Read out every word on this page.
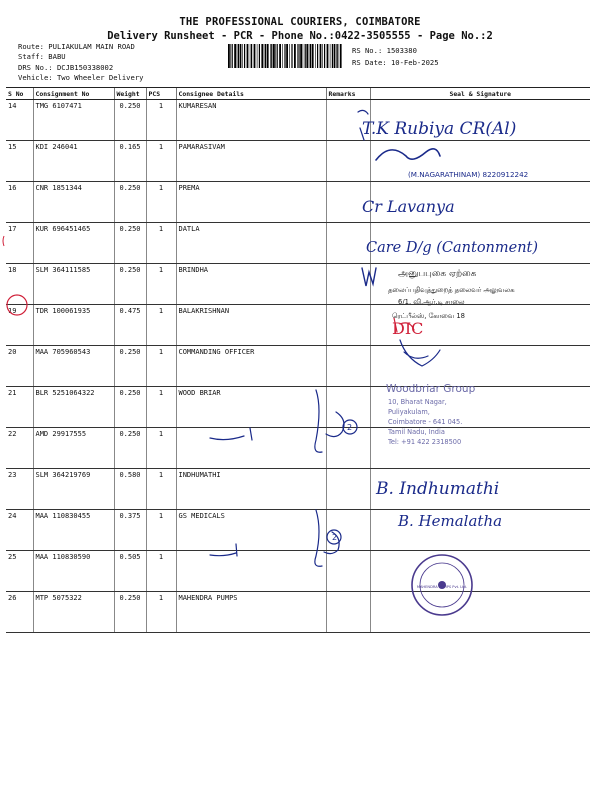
THE PROFESSIONAL COURIERS, COIMBATORE
Delivery Runsheet - PCR - Phone No.:0422-3505555 - Page No.:2
Route: PULIAKULAM MAIN ROAD
Staff: BABU
DRS No.: DCJB150338002
Vehicle: Two Wheeler Delivery
RS No.: 1503380
RS Date: 10-Feb-2025
S No	Consignment No	Weight	PCS	Consignee Details	Remarks	Seal & Signature
14	TMG 6107471	0.250	1	KUMARESAN		
15	KDI 246041	0.165	1	PAMARASIVAM		
16	CNR 1851344	0.250	1	PREMA		
17	KUR 696451465	0.250	1	DATLA		
18	SLM 364111585	0.250	1	BRINDHA		
19	TDR 100061935	0.475	1	BALAKRISHNAN		
20	MAA 705960543	0.250	1	COMMANDING OFFICER		
21	BLR 5251064322	0.250	1	WOOD BRIAR		
22	AMD 29917555	0.250	1			
23	SLM 364219769	0.580	1	INDHUMATHI		
24	MAA 110830455	0.375	1	GS MEDICALS		
25	MAA 110830590	0.505	1			
26	MTP 5075322	0.250	1	MAHENDRA PUMPS		
T.K Rubiya CR(Al)
(M.NAGARATHINAM) 8220912242
Cr Lavanya
Care D/g (Cantonment)
DIC
2
2
B. Indhumathi
B. Hemalatha
அனுபபுகை ஏற்கை
தலைப்பதிவுத்துறைத் தலைவர் அலுவலக
6/1. வி.ஆர்.டி சாலை
ரெட்பீல்ஸ், கோவை 18
Woodbriar Group
10, Bharat Nagar,
Puliyakulam,
Coimbatore - 641 045.
Tamil Nadu, India
Tel: +91 422 2318500
MAHENDRA PUMPS Pvt. Ltd.
